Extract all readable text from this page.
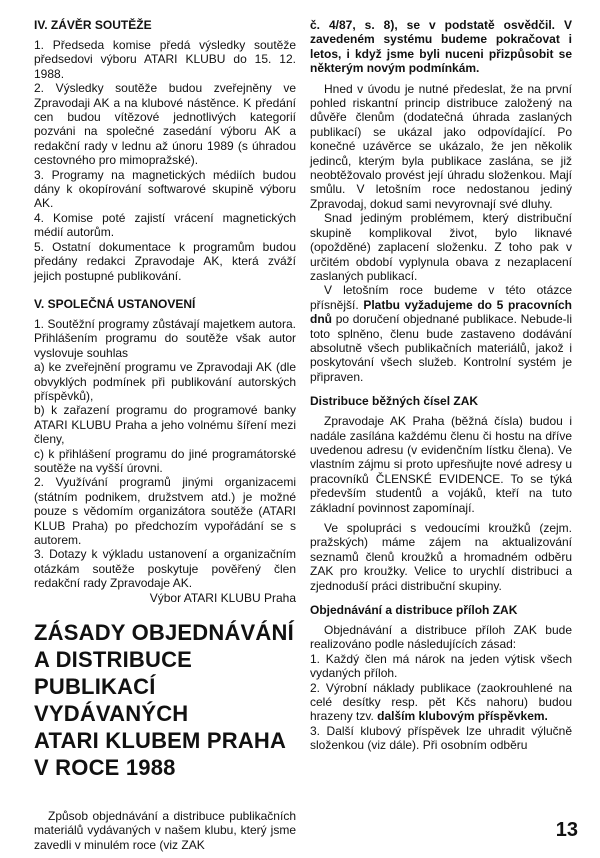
IV. ZÁVĚR SOUTĚŽE

1. Předseda komise předá výsledky soutěže předsedovi výboru ATARI KLUBU do 15. 12. 1988.

2. Výsledky soutěže budou zveřejněny ve Zpravodaji AK a na klubové nástěnce. K předání cen budou vítězové jednotlivých kategorií pozváni na společné zasedání výboru AK a redakční rady v lednu až únoru 1989 (s úhradou cestovného pro mimopražské).

3. Programy na magnetických médiích budou dány k okopírování softwarové skupině výboru AK.

4. Komise poté zajistí vrácení magnetických médií autorům.

5. Ostatní dokumentace k programům budou předány redakci Zpravodaje AK, která zváží jejich postupné publikování.

V. SPOLEČNÁ USTANOVENÍ

1. Soutěžní programy zůstávají majetkem autora. Přihlášením programu do soutěže však autor vyslovuje souhlas

a) ke zveřejnění programu ve Zpravodaji AK (dle obvyklých podmínek při publikování autorských příspěvků),

b) k zařazení programu do programové banky ATARI KLUBU Praha a jeho volnému šíření mezi členy,

c) k přihlášení programu do jiné programátorské soutěže na vyšší úrovni.

2. Využívání programů jinými organizacemi (státním podnikem, družstvem atd.) je možné pouze s vědomím organizátora soutěže (ATARI KLUB Praha) po předchozím vypořádání se s autorem.

3. Dotazy k výkladu ustanovení a organizačním otázkám soutěže poskytuje pověřený člen redakční rady Zpravodaje AK.

Výbor ATARI KLUBU Praha

ZÁSADY OBJEDNÁVÁNÍ
A DISTRIBUCE PUBLIKACÍ
VYDÁVANÝCH
ATARI KLUBEM PRAHA
V ROCE 1988

Způsob objednávání a distribuce publikačních materiálů vydávaných v našem klubu, který jsme zavedli v minulém roce (viz ZAK

č. 4/87, s. 8), se v podstatě osvědčil. V zavedeném systému budeme pokračovat i letos, i když jsme byli nuceni přizpůsobit se některým novým podmínkám.

Hned v úvodu je nutné předeslat, že na první pohled riskantní princip distribuce založený na důvěře členům (dodatečná úhrada zaslaných publikací) se ukázal jako odpovídající. Po konečné uzávěrce se ukázalo, že jen několik jedinců, kterým byla publikace zaslána, se již neobtěžovalo provést její úhradu složenkou. Mají smůlu. V letošním roce nedostanou jediný Zpravodaj, dokud sami nevyrovnají své dluhy.

Snad jediným problémem, který distribuční skupině komplikoval život, bylo liknavé (opožděné) zaplacení složenku. Z toho pak v určitém období vyplynula obava z nezaplacení zaslaných publikací.

V letošním roce budeme v této otázce přísnější. Platbu vyžadujeme do 5 pracovních dnů po doručení objednané publikace. Nebude-li toto splněno, členu bude zastaveno dodávání absolutně všech publikačních materiálů, jakož i poskytování všech služeb. Kontrolní systém je připraven.

Distribuce běžných čísel ZAK

Zpravodaje AK Praha (běžná čísla) budou i nadále zasílána každému členu či hostu na dříve uvedenou adresu (v evidenčním lístku člena). Ve vlastním zájmu si proto upřesňujte nové adresy u pracovníků ČLENSKÉ EVIDENCE. To se týká především studentů a vojáků, kteří na tuto základní povinnost zapomínají.

Ve spolupráci s vedoucími kroužků (zejm. pražských) máme zájem na aktualizování seznamů členů kroužků a hromadném odběru ZAK pro kroužky. Velice to urychlí distribuci a zjednoduší práci distribuční skupiny.

Objednávání a distribuce příloh ZAK

Objednávání a distribuce příloh ZAK bude realizováno podle následujících zásad:

1. Každý člen má nárok na jeden výtisk všech vydaných příloh.

2. Výrobní náklady publikace (zaokrouhlené na celé desítky resp. pět Kčs nahoru) budou hrazeny tzv. dalším klubovým příspěvkem.

3. Další klubový příspěvek lze uhradit výlučně složenkou (viz dále). Při osobním odběru

13
